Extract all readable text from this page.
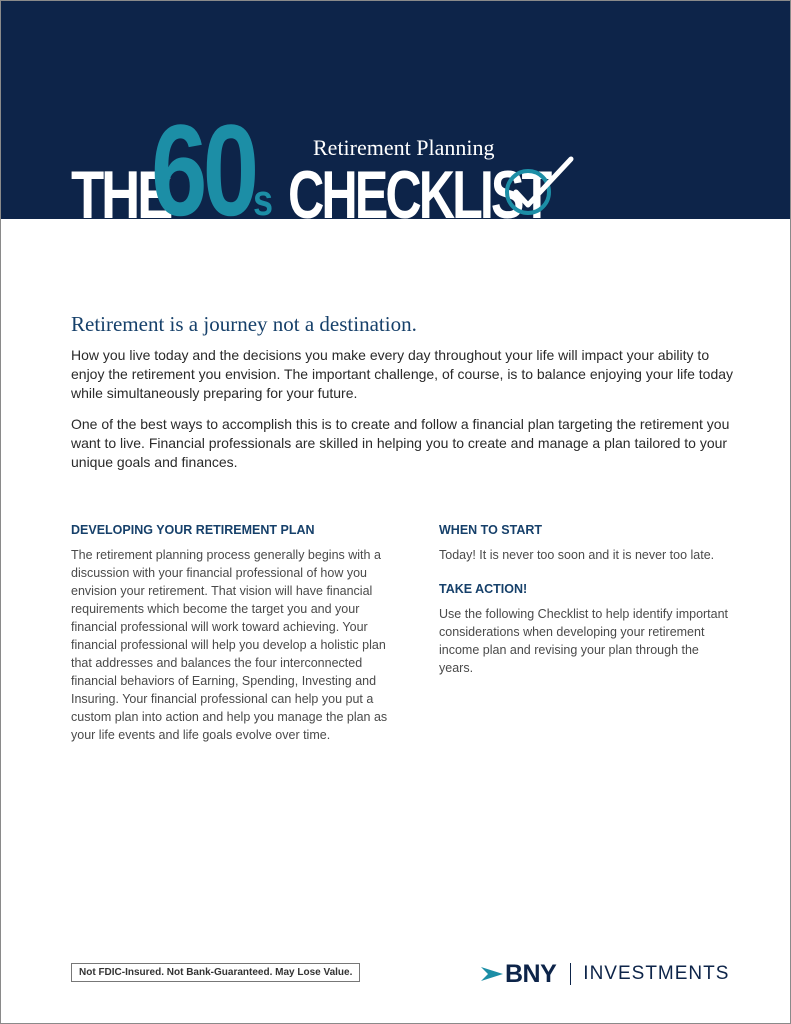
Retirement Planning
THE
60
s CHECKLIST
Retirement is a journey not a destination.

How you live today and the decisions you make every day throughout your life will impact your ability to enjoy the retirement you envision. The important challenge, of course, is to balance enjoying your life today while simultaneously preparing for your future.

One of the best ways to accomplish this is to create and follow a financial plan targeting the retirement you want to live. Financial professionals are skilled in helping you to create and manage a plan tailored to your unique goals and finances.

DEVELOPING YOUR RETIREMENT PLAN

The retirement planning process generally begins with a discussion with your financial professional of how you envision your retirement. That vision will have financial requirements which become the target you and your financial professional will work toward achieving. Your financial professional will help you develop a holistic plan that addresses and balances the four interconnected financial behaviors of Earning, Spending, Investing and Insuring. Your financial professional can help you put a custom plan into action and help you manage the plan as your life events and life goals evolve over time.

WHEN TO START

Today! It is never too soon and it is never too late.

TAKE ACTION!

Use the following Checklist to help identify important considerations when developing your retirement income plan and revising your plan through the years.

Not FDIC-Insured. Not Bank-Guaranteed. May Lose Value.	BNY INVESTMENTS
